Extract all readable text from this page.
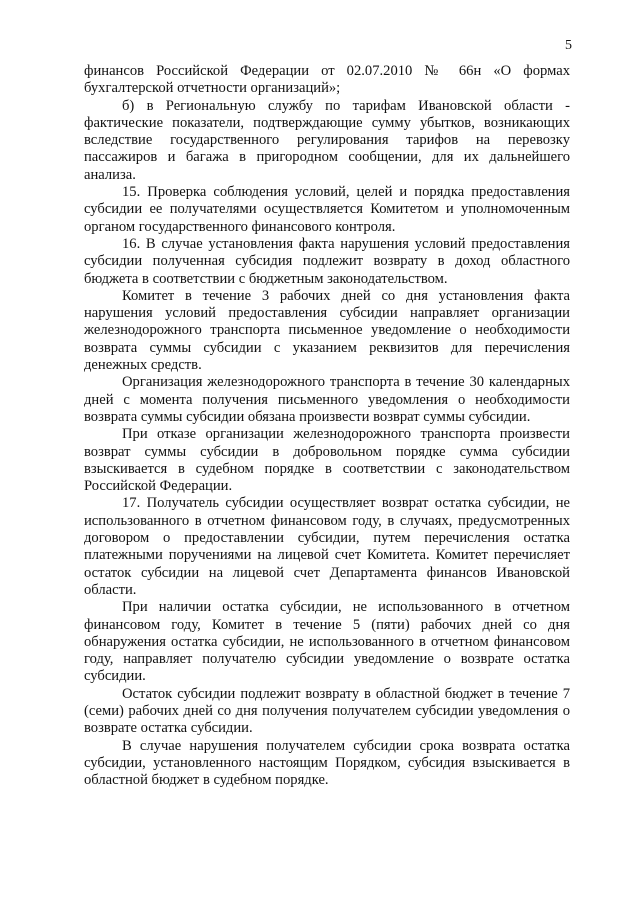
5

финансов Российской Федерации от 02.07.2010 № 66н «О формах бухгалтерской отчетности организаций»;

б) в Региональную службу по тарифам Ивановской области - фактические показатели, подтверждающие сумму убытков, возникающих вследствие государственного регулирования тарифов на перевозку пассажиров и багажа в пригородном сообщении, для их дальнейшего анализа.

15. Проверка соблюдения условий, целей и порядка предоставления субсидии ее получателями осуществляется Комитетом и уполномоченным органом государственного финансового контроля.

16. В случае установления факта нарушения условий предоставления субсидии полученная субсидия подлежит возврату в доход областного бюджета в соответствии с бюджетным законодательством.

Комитет в течение 3 рабочих дней со дня установления факта нарушения условий предоставления субсидии направляет организации железнодорожного транспорта письменное уведомление о необходимости возврата суммы субсидии с указанием реквизитов для перечисления денежных средств.

Организация железнодорожного транспорта в течение 30 календарных дней с момента получения письменного уведомления о необходимости возврата суммы субсидии обязана произвести возврат суммы субсидии.

При отказе организации железнодорожного транспорта произвести возврат суммы субсидии в добровольном порядке сумма субсидии взыскивается в судебном порядке в соответствии с законодательством Российской Федерации.

17. Получатель субсидии осуществляет возврат остатка субсидии, не использованного в отчетном финансовом году, в случаях, предусмотренных договором о предоставлении субсидии, путем перечисления остатка платежными поручениями на лицевой счет Комитета. Комитет перечисляет остаток субсидии на лицевой счет Департамента финансов Ивановской области.

При наличии остатка субсидии, не использованного в отчетном финансовом году, Комитет в течение 5 (пяти) рабочих дней со дня обнаружения остатка субсидии, не использованного в отчетном финансовом году, направляет получателю субсидии уведомление о возврате остатка субсидии.

Остаток субсидии подлежит возврату в областной бюджет в течение 7 (семи) рабочих дней со дня получения получателем субсидии уведомления о возврате остатка субсидии.

В случае нарушения получателем субсидии срока возврата остатка субсидии, установленного настоящим Порядком, субсидия взыскивается в областной бюджет в судебном порядке.
